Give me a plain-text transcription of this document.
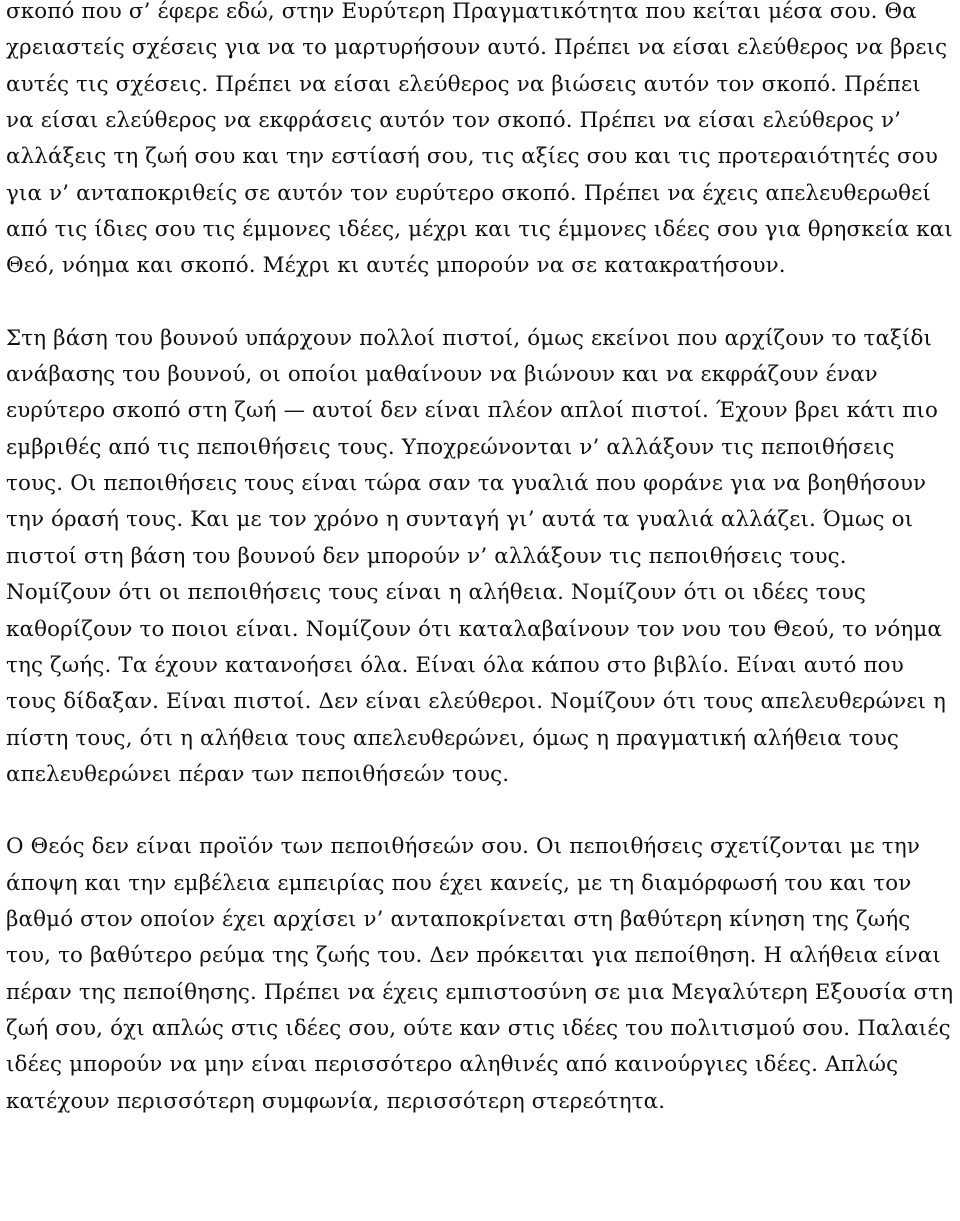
σκοπό που σ’ έφερε εδώ, στην Ευρύτερη Πραγματικότητα που κείται μέσα σου. Θα χρειαστείς σχέσεις για να το μαρτυρήσουν αυτό. Πρέπει να είσαι ελεύθερος να βρεις αυτές τις σχέσεις. Πρέπει να είσαι ελεύθερος να βιώσεις αυτόν τον σκοπό. Πρέπει να είσαι ελεύθερος να εκφράσεις αυτόν τον σκοπό. Πρέπει να είσαι ελεύθερος ν’ αλλάξεις τη ζωή σου και την εστίασή σου, τις αξίες σου και τις προτεραιότητές σου για ν’ ανταποκριθείς σε αυτόν τον ευρύτερο σκοπό. Πρέπει να έχεις απελευθερωθεί από τις ίδιες σου τις έμμονες ιδέες, μέχρι και τις έμμονες ιδέες σου για θρησκεία και Θεό, νόημα και σκοπό. Μέχρι κι αυτές μπορούν να σε κατακρατήσουν.

Στη βάση του βουνού υπάρχουν πολλοί πιστοί, όμως εκείνοι που αρχίζουν το ταξίδι ανάβασης του βουνού, οι οποίοι μαθαίνουν να βιώνουν και να εκφράζουν έναν ευρύτερο σκοπό στη ζωή — αυτοί δεν είναι πλέον απλοί πιστοί. Έχουν βρει κάτι πιο εμβριθές από τις πεποιθήσεις τους. Υποχρεώνονται ν’ αλλάξουν τις πεποιθήσεις τους. Οι πεποιθήσεις τους είναι τώρα σαν τα γυαλιά που φοράνε για να βοηθήσουν την όρασή τους. Και με τον χρόνο η συνταγή γι’ αυτά τα γυαλιά αλλάζει. Όμως οι πιστοί στη βάση του βουνού δεν μπορούν ν’ αλλάξουν τις πεποιθήσεις τους. Νομίζουν ότι οι πεποιθήσεις τους είναι η αλήθεια. Νομίζουν ότι οι ιδέες τους καθορίζουν το ποιοι είναι. Νομίζουν ότι καταλαβαίνουν τον νου του Θεού, το νόημα της ζωής. Τα έχουν κατανοήσει όλα. Είναι όλα κάπου στο βιβλίο. Είναι αυτό που τους δίδαξαν. Είναι πιστοί. Δεν είναι ελεύθεροι. Νομίζουν ότι τους απελευθερώνει η πίστη τους, ότι η αλήθεια τους απελευθερώνει, όμως η πραγματική αλήθεια τους απελευθερώνει πέραν των πεποιθήσεών τους.

Ο Θεός δεν είναι προϊόν των πεποιθήσεών σου. Οι πεποιθήσεις σχετίζονται με την άποψη και την εμβέλεια εμπειρίας που έχει κανείς, με τη διαμόρφωσή του και τον βαθμό στον οποίον έχει αρχίσει ν’ ανταποκρίνεται στη βαθύτερη κίνηση της ζωής του, το βαθύτερο ρεύμα της ζωής του. Δεν πρόκειται για πεποίθηση. Η αλήθεια είναι πέραν της πεποίθησης. Πρέπει να έχεις εμπιστοσύνη σε μια Μεγαλύτερη Εξουσία στη ζωή σου, όχι απλώς στις ιδέες σου, ούτε καν στις ιδέες του πολιτισμού σου. Παλαιές ιδέες μπορούν να μην είναι περισσότερο αληθινές από καινούργιες ιδέες. Απλώς κατέχουν περισσότερη συμφωνία, περισσότερη στερεότητα.
